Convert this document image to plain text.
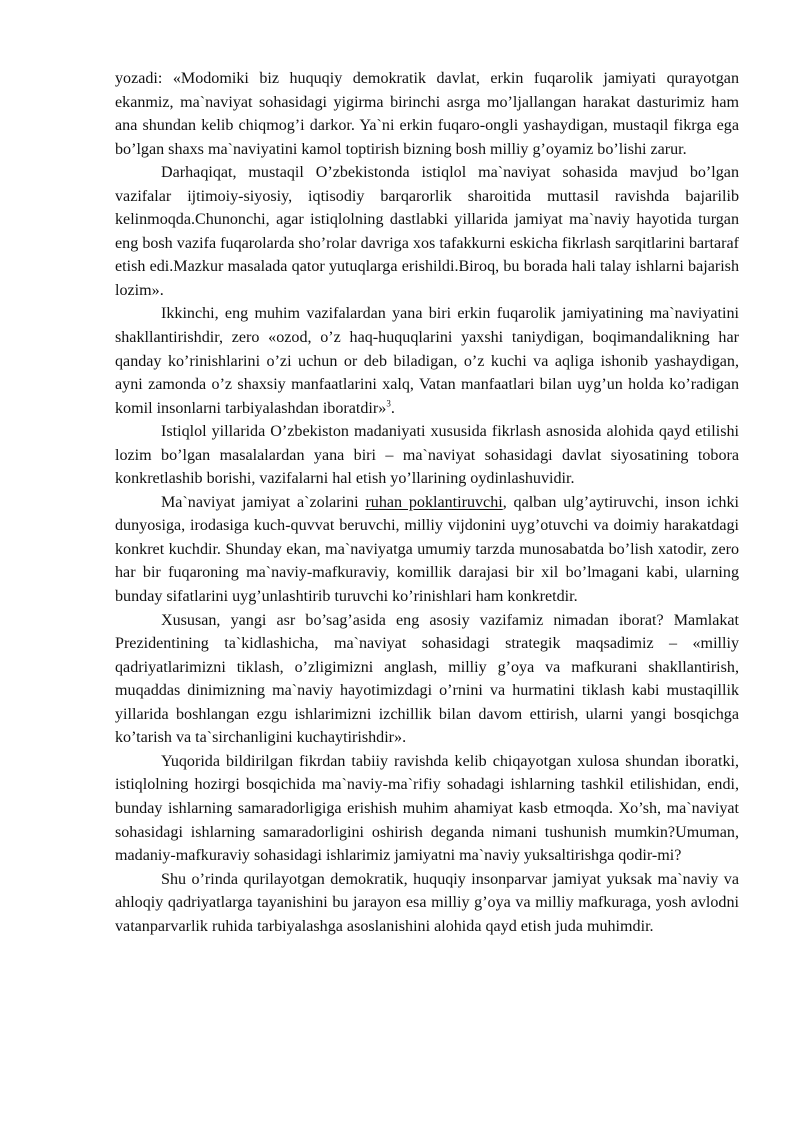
yozadi: «Modomiki biz huquqiy demokratik davlat, erkin fuqarolik jamiyati qurayotgan ekanmiz, ma`naviyat sohasidagi yigirma birinchi asrga mo’ljallangan harakat dasturimiz ham ana shundan kelib chiqmog’i darkor. Ya`ni erkin fuqaro-ongli yashaydigan, mustaqil fikrga ega bo’lgan shaxs ma`naviyatini kamol toptirish bizning bosh milliy g’oyamiz bo’lishi zarur.

Darhaqiqat, mustaqil O’zbekistonda istiqlol ma`naviyat sohasida mavjud bo’lgan vazifalar ijtimoiy-siyosiy, iqtisodiy barqarorlik sharoitida muttasil ravishda bajarilib kelinmoqda.Chunonchi, agar istiqlolning dastlabki yillarida jamiyat ma`naviy hayotida turgan eng bosh vazifa fuqarolarda sho’rolar davriga xos tafakkurni eskicha fikrlash sarqitlarini bartaraf etish edi.Mazkur masalada qator yutuqlarga erishildi.Biroq, bu borada hali talay ishlarni bajarish lozim».

Ikkinchi, eng muhim vazifalardan yana biri erkin fuqarolik jamiyatining ma`naviyatini shakllantirishdir, zero «ozod, o’z haq-huquqlarini yaxshi taniydigan, boqimandalikning har qanday ko’rinishlarini o’zi uchun or deb biladigan, o’z kuchi va aqliga ishonib yashaydigan, ayni zamonda o’z shaxsiy manfaatlarini xalq, Vatan manfaatlari bilan uyg’un holda ko’radigan komil insonlarni tarbiyalashdan iboratdir»$^3$.

Istiqlol yillarida O’zbekiston madaniyati xususida fikrlash asnosida alohida qayd etilishi lozim bo’lgan masalalardan yana biri – ma`naviyat sohasidagi davlat siyosatining tobora konkretlashib borishi, vazifalarni hal etish yo’llarining oydinlashuvidir.

Ma`naviyat jamiyat a`zolarini ruhan poklantiruvchi, qalban ulg’aytiruvchi, inson ichki dunyosiga, irodasiga kuch-quvvat beruvchi, milliy vijdonini uyg’otuvchi va doimiy harakatdagi konkret kuchdir. Shunday ekan, ma`naviyatga umumiy tarzda munosabatda bo’lish xatodir, zero har bir fuqaroning ma`naviy-mafkuraviy, komillik darajasi bir xil bo’lmagani kabi, ularning bunday sifatlarini uyg’unlashtirib turuvchi ko’rinishlari ham konkretdir.

Xususan, yangi asr bo’sag’asida eng asosiy vazifamiz nimadan iborat? Mamlakat Prezidentining ta`kidlashicha, ma`naviyat sohasidagi strategik maqsadimiz – «milliy qadriyatlarimizni tiklash, o’zligimizni anglash, milliy g’oya va mafkurani shakllantirish, muqaddas dinimizning ma`naviy hayotimizdagi o’rnini va hurmatini tiklash kabi mustaqillik yillarida boshlangan ezgu ishlarimizni izchillik bilan davom ettirish, ularni yangi bosqichga ko’tarish va ta`sirchanligini kuchaytirishdir».

Yuqorida bildirilgan fikrdan tabiiy ravishda kelib chiqayotgan xulosa shundan iboratki, istiqlolning hozirgi bosqichida ma`naviy-ma`rifiy sohadagi ishlarning tashkil etilishidan, endi, bunday ishlarning samaradorligiga erishish muhim ahamiyat kasb etmoqda. Xo’sh, ma`naviyat sohasidagi ishlarning samaradorligini oshirish deganda nimani tushunish mumkin?Umuman, madaniy-mafkuraviy sohasidagi ishlarimiz jamiyatni ma`naviy yuksaltirishga qodir-mi?

Shu o’rinda qurilayotgan demokratik, huquqiy insonparvar jamiyat yuksak ma`naviy va ahloqiy qadriyatlarga tayanishini bu jarayon esa milliy g’oya va milliy mafkuraga, yosh avlodni vatanparvarlik ruhida tarbiyalashga asoslanishini alohida qayd etish juda muhimdir.
